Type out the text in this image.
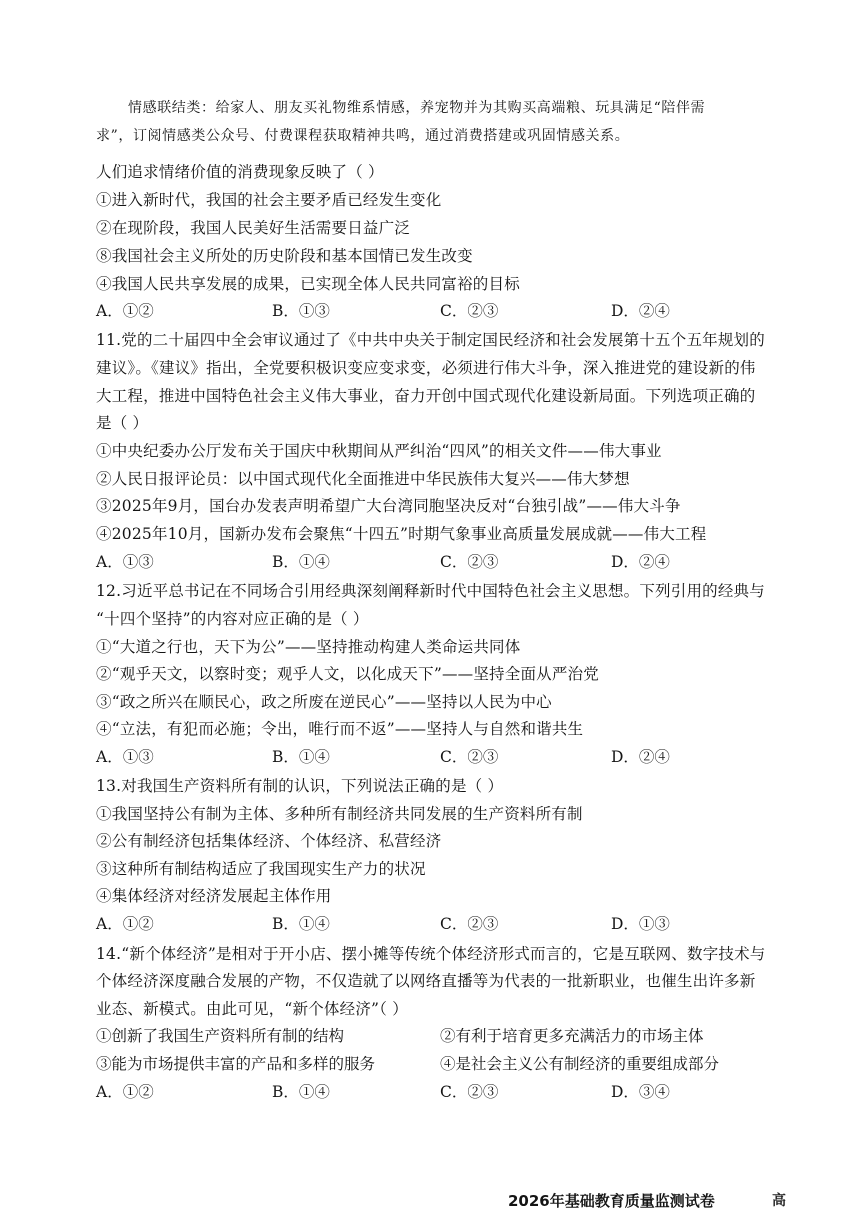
情感联结类：给家人、朋友买礼物维系情感，养宠物并为其购买高端粮、玩具满足“陪伴需
求”，订阅情感类公众号、付费课程获取精神共鸣，通过消费搭建或巩固情感关系。
人们追求情绪价值的消费现象反映了（ ）
①进入新时代，我国的社会主要矛盾已经发生变化
②在现阶段，我国人民美好生活需要日益广泛
⑧我国社会主义所处的历史阶段和基本国情已发生改变
④我国人民共享发展的成果，已实现全体人民共同富裕的目标
A．①②	B．①③	C．②③	D．②④
11.党的二十届四中全会审议通过了《中共中央关于制定国民经济和社会发展第十五个五年规划的
建议》。《建议》指出，全党要积极识变应变求变，必须进行伟大斗争，深入推进党的建设新的伟
大工程，推进中国特色社会主义伟大事业，奋力开创中国式现代化建设新局面。下列选项正确的
是（ ）
①中央纪委办公厅发布关于国庆中秋期间从严纠治“四风”的相关文件——伟大事业
②人民日报评论员：以中国式现代化全面推进中华民族伟大复兴——伟大梦想
③2025年9月，国台办发表声明希望广大台湾同胞坚决反对“台独引战”——伟大斗争
④2025年10月，国新办发布会聚焦“十四五”时期气象事业高质量发展成就——伟大工程
A．①③	B．①④	C．②③	D．②④
12.习近平总书记在不同场合引用经典深刻阐释新时代中国特色社会主义思想。下列引用的经典与
“十四个坚持”的内容对应正确的是（ ）
①“大道之行也，天下为公”——坚持推动构建人类命运共同体
②“观乎天文，以察时变；观乎人文，以化成天下”——坚持全面从严治党
③“政之所兴在顺民心，政之所废在逆民心”——坚持以人民为中心
④“立法，有犯而必施；令出，唯行而不返”——坚持人与自然和谐共生
A．①③	B．①④	C．②③	D．②④
13.对我国生产资料所有制的认识，下列说法正确的是（ ）
①我国坚持公有制为主体、多种所有制经济共同发展的生产资料所有制
②公有制经济包括集体经济、个体经济、私营经济
③这种所有制结构适应了我国现实生产力的状况
④集体经济对经济发展起主体作用
A．①②	B．①④	C．②③	D．①③
14.“新个体经济”是相对于开小店、摆小摊等传统个体经济形式而言的，它是互联网、数字技术与
个体经济深度融合发展的产物，不仅造就了以网络直播等为代表的一批新职业，也催生出许多新
业态、新模式。由此可见，“新个体经济”（ ）
①创新了我国生产资料所有制的结构	②有利于培育更多充满活力的市场主体
③能为市场提供丰富的产品和多样的服务	④是社会主义公有制经济的重要组成部分
A．①②	B．①④	C．②③	D．③④
2026年基础教育质量监测试卷	高
